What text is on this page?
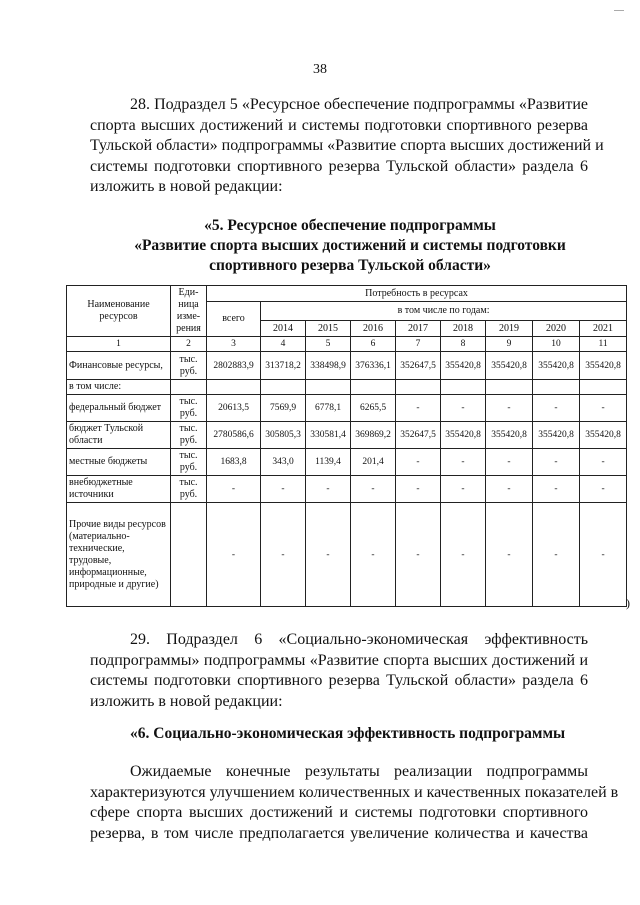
38
28. Подраздел 5 «Ресурсное обеспечение подпрограммы «Развитие
спорта высших достижений и системы подготовки спортивного резерва
Тульской области» подпрограммы «Развитие спорта высших достижений и
системы подготовки спортивного резерва Тульской области» раздела 6
изложить в новой редакции:
«5. Ресурсное обеспечение подпрограммы
«Развитие спорта высших достижений и системы подготовки
спортивного резерва Тульской области»
Наименование ресурсов	Еди-ница изме-рения	Потребность в ресурсах								
		всего	в том числе по годам:							
			2014	2015	2016	2017	2018	2019	2020	2021
1	2	3	4	5	6	7	8	9	10	11
Финансовые ресурсы,	тыс. руб.	2802883,9	313718,2	338498,9	376336,1	352647,5	355420,8	355420,8	355420,8	355420,8
в том числе:										
федеральный бюджет	тыс. руб.	20613,5	7569,9	6778,1	6265,5	-	-	-	-	-
бюджет Тульской области	тыс. руб.	2780586,6	305805,3	330581,4	369869,2	352647,5	355420,8	355420,8	355420,8	355420,8
местные бюджеты	тыс. руб.	1683,8	343,0	1139,4	201,4	-	-	-	-	-
внебюджетные источники	тыс. руб.	-	-	-	-	-	-	-	-	-
Прочие виды ресурсов (материально-технические, трудовые, информационные, природные и другие)		-	-	-	-	-	-	-	-	-
)
29. Подраздел 6 «Социально-экономическая эффективность
подпрограммы» подпрограммы «Развитие спорта высших достижений и
системы подготовки спортивного резерва Тульской области» раздела 6
изложить в новой редакции:
«6. Социально-экономическая эффективность подпрограммы
Ожидаемые конечные результаты реализации подпрограммы
характеризуются улучшением количественных и качественных показателей в
сфере спорта высших достижений и системы подготовки спортивного
резерва, в том числе предполагается увеличение количества и качества
